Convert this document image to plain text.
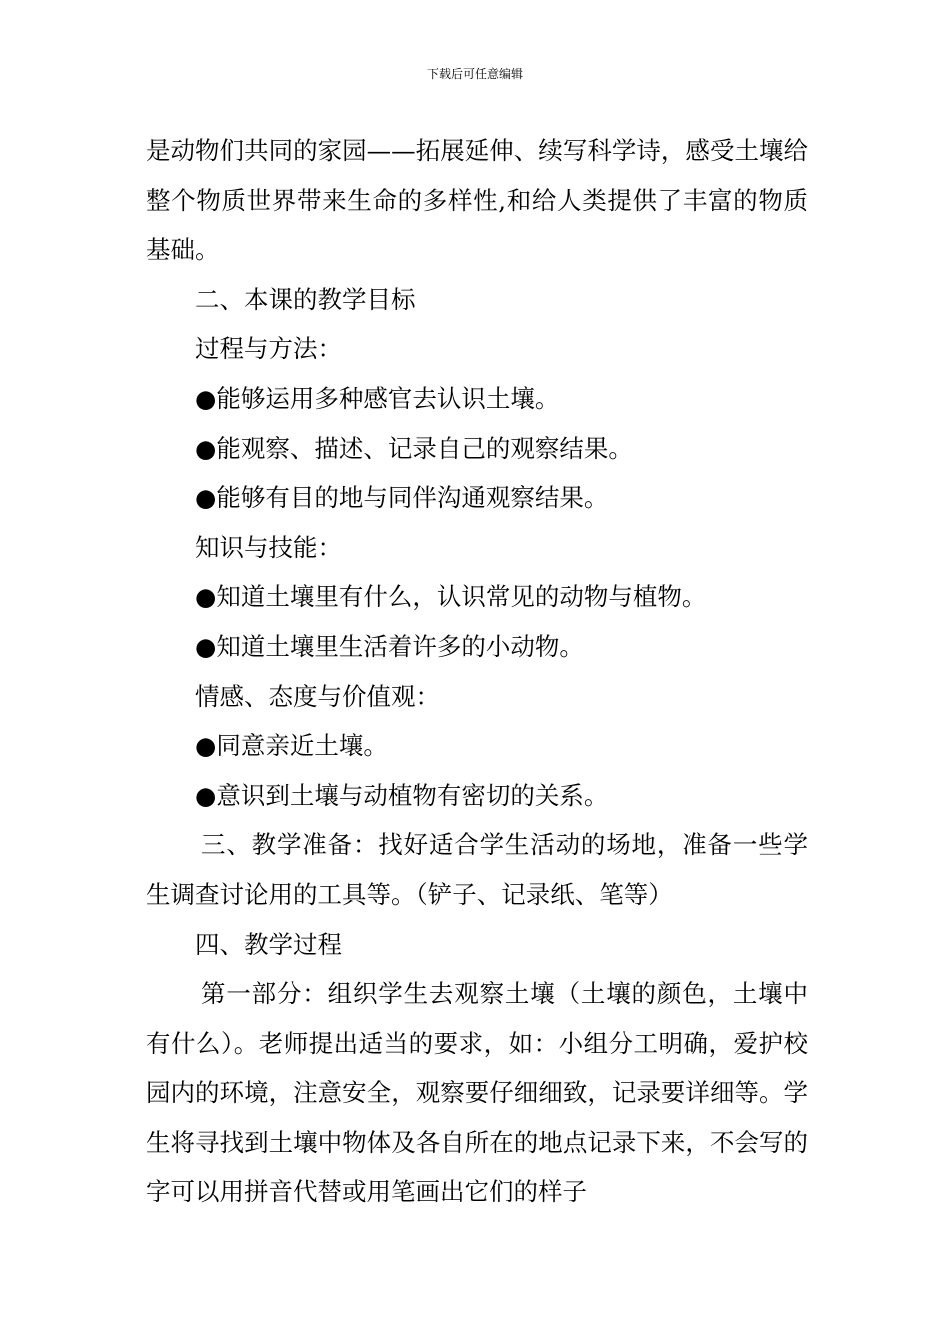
下载后可任意编辑

是动物们共同的家园——拓展延伸、续写科学诗，感受土壤给整个物质世界带来生命的多样性,和给人类提供了丰富的物质基础。

二、本课的教学目标

过程与方法：

●能够运用多种感官去认识土壤。

●能观察、描述、记录自己的观察结果。

●能够有目的地与同伴沟通观察结果。

知识与技能：

●知道土壤里有什么，认识常见的动物与植物。

●知道土壤里生活着许多的小动物。

情感、态度与价值观：

●同意亲近土壤。

●意识到土壤与动植物有密切的关系。

三、教学准备：找好适合学生活动的场地，准备一些学生调查讨论用的工具等。（铲子、记录纸、笔等）

四、教学过程

第一部分：组织学生去观察土壤（土壤的颜色，土壤中有什么）。老师提出适当的要求，如：小组分工明确，爱护校园内的环境，注意安全，观察要仔细细致，记录要详细等。学生将寻找到土壤中物体及各自所在的地点记录下来，不会写的字可以用拼音代替或用笔画出它们的样子
